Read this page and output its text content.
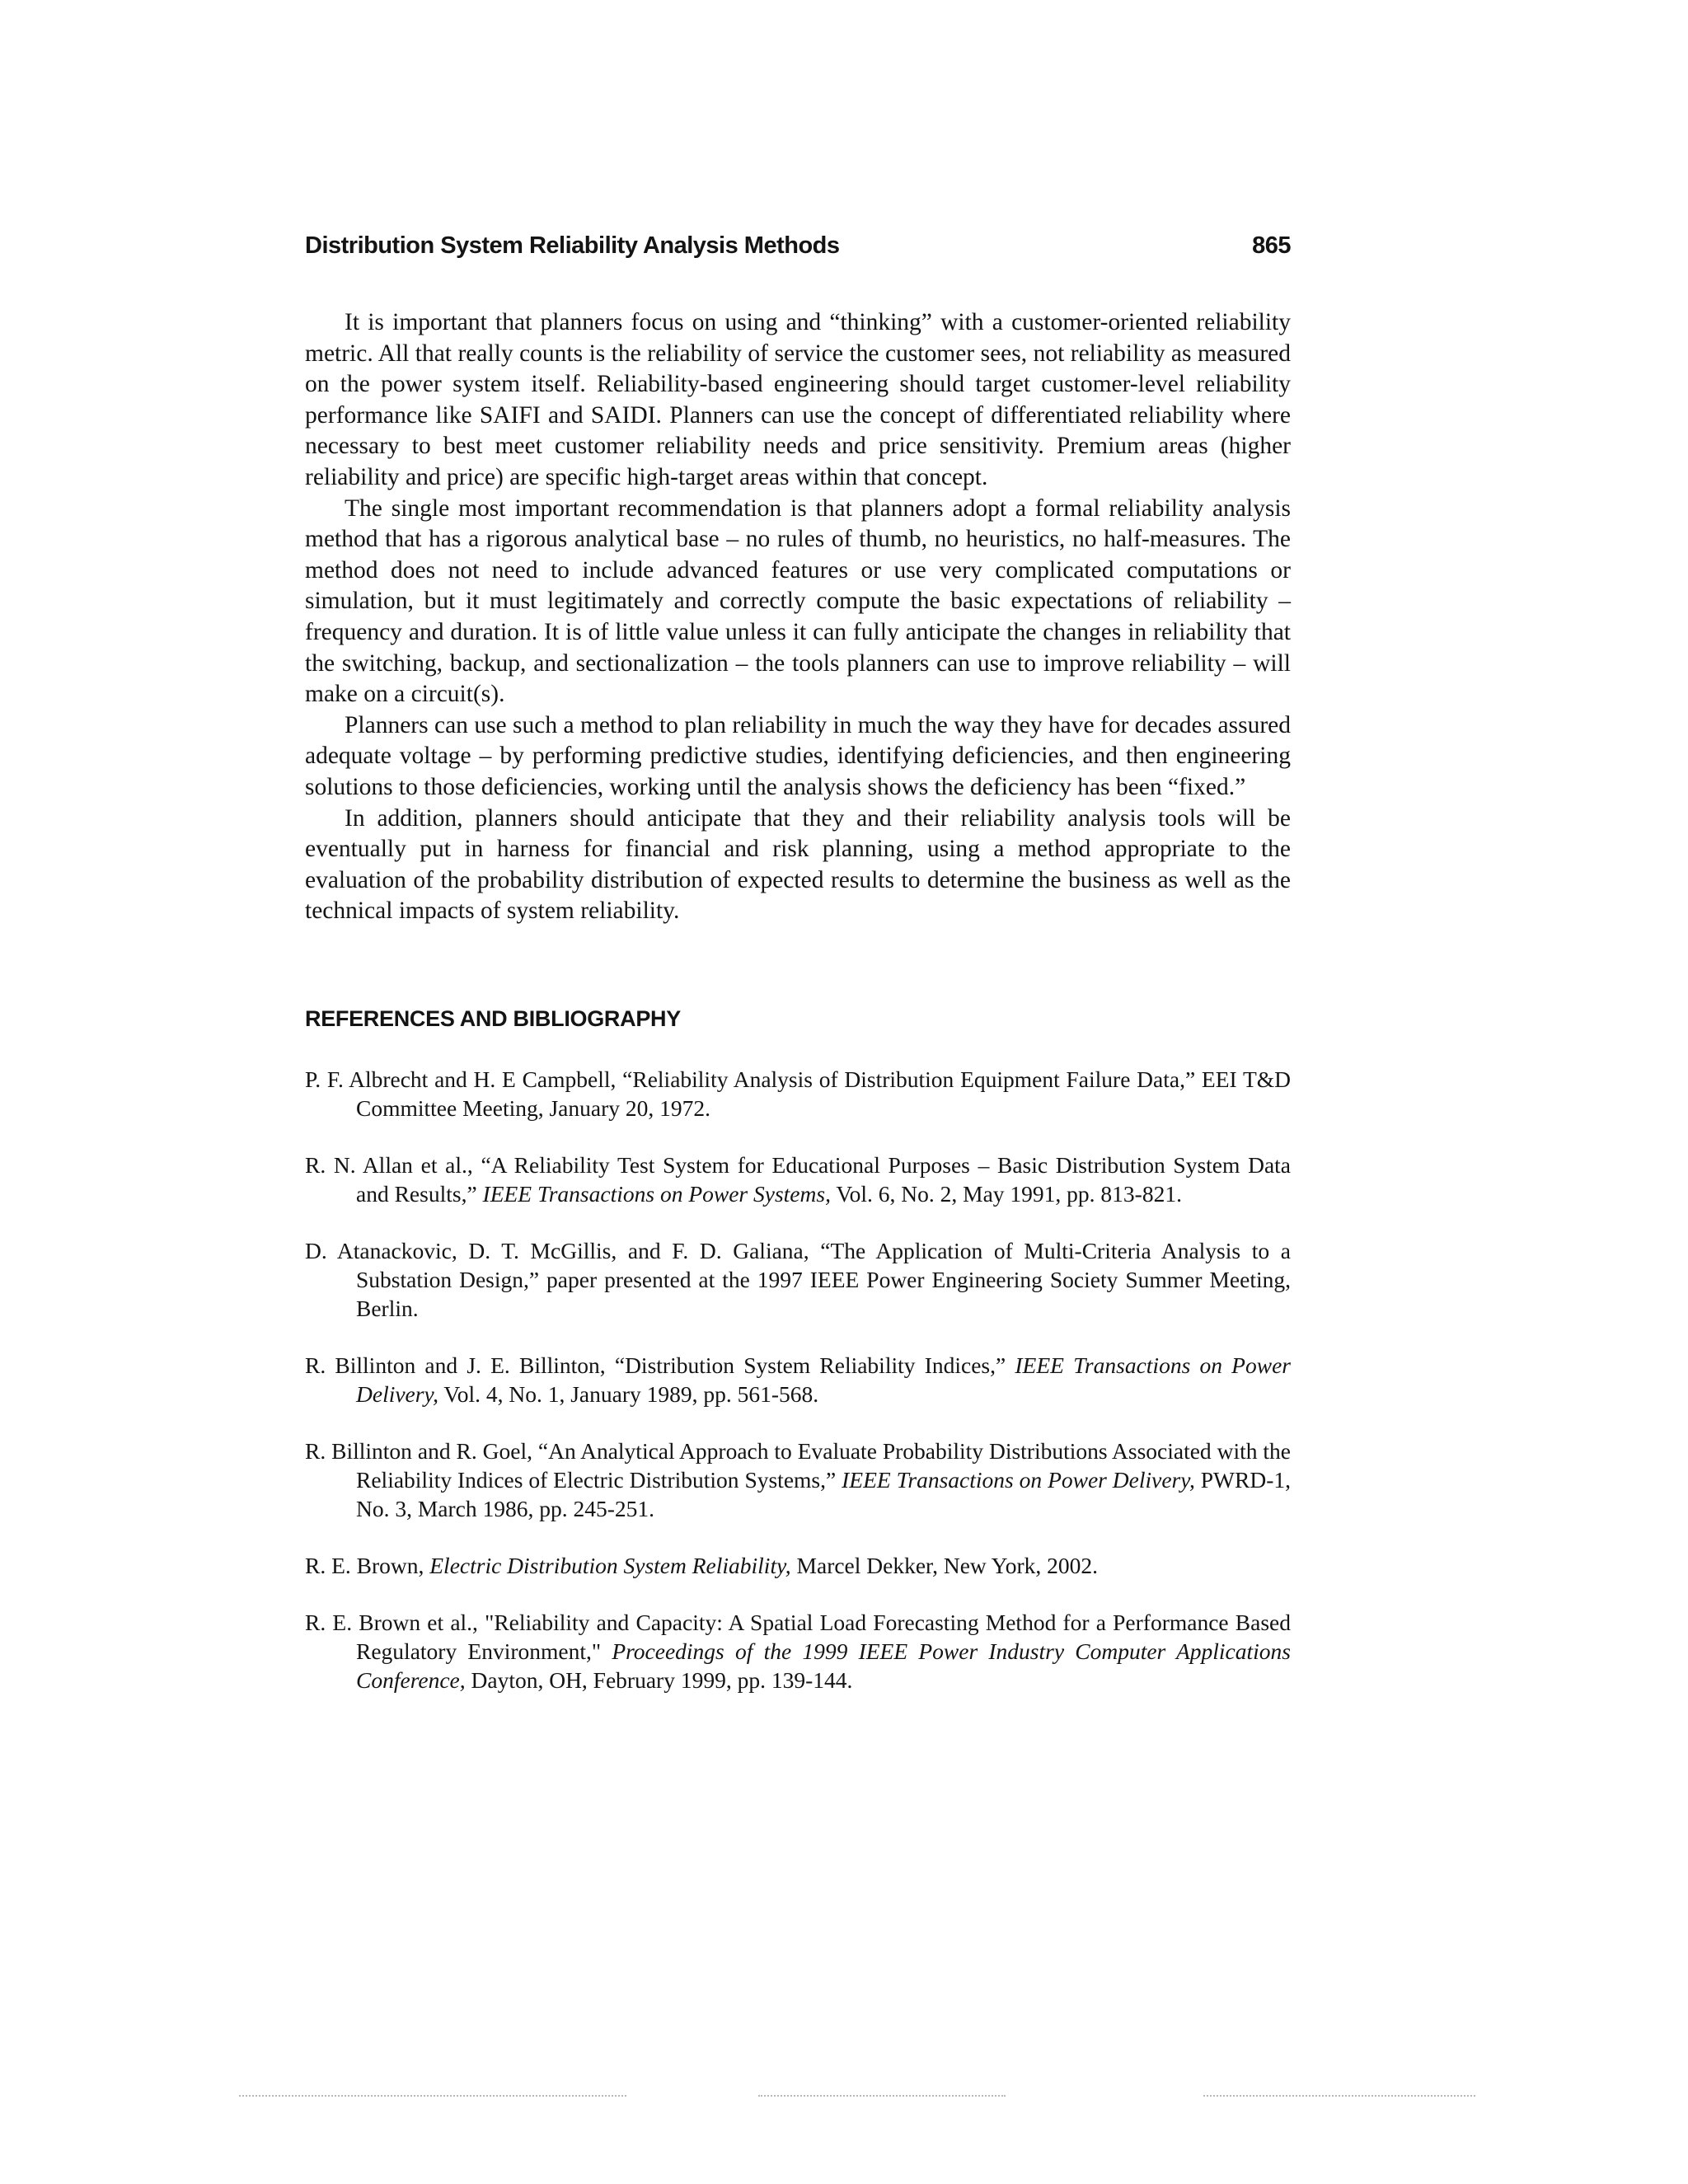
Distribution System Reliability Analysis Methods	865

It is important that planners focus on using and “thinking” with a customer-oriented reliability metric. All that really counts is the reliability of service the customer sees, not reliability as measured on the power system itself. Reliability-based engineering should target customer-level reliability performance like SAIFI and SAIDI. Planners can use the concept of differentiated reliability where necessary to best meet customer reliability needs and price sensitivity. Premium areas (higher reliability and price) are specific high-target areas within that concept.

The single most important recommendation is that planners adopt a formal reliability analysis method that has a rigorous analytical base – no rules of thumb, no heuristics, no half-measures. The method does not need to include advanced features or use very complicated computations or simulation, but it must legitimately and correctly compute the basic expectations of reliability – frequency and duration. It is of little value unless it can fully anticipate the changes in reliability that the switching, backup, and sectionalization – the tools planners can use to improve reliability – will make on a circuit(s).

Planners can use such a method to plan reliability in much the way they have for decades assured adequate voltage – by performing predictive studies, identifying deficiencies, and then engineering solutions to those deficiencies, working until the analysis shows the deficiency has been “fixed.”

In addition, planners should anticipate that they and their reliability analysis tools will be eventually put in harness for financial and risk planning, using a method appropriate to the evaluation of the probability distribution of expected results to determine the business as well as the technical impacts of system reliability.

REFERENCES AND BIBLIOGRAPHY

P. F. Albrecht and H. E Campbell, “Reliability Analysis of Distribution Equipment Failure Data,” EEI T&D Committee Meeting, January 20, 1972.

R. N. Allan et al., “A Reliability Test System for Educational Purposes – Basic Distribution System Data and Results,” IEEE Transactions on Power Systems, Vol. 6, No. 2, May 1991, pp. 813-821.

D. Atanackovic, D. T. McGillis, and F. D. Galiana, “The Application of Multi-Criteria Analysis to a Substation Design,” paper presented at the 1997 IEEE Power Engineering Society Summer Meeting, Berlin.

R. Billinton and J. E. Billinton, “Distribution System Reliability Indices,” IEEE Transactions on Power Delivery, Vol. 4, No. 1, January 1989, pp. 561-568.

R. Billinton and R. Goel, “An Analytical Approach to Evaluate Probability Distributions Associated with the Reliability Indices of Electric Distribution Systems,” IEEE Transactions on Power Delivery, PWRD-1, No. 3, March 1986, pp. 245-251.

R. E. Brown, Electric Distribution System Reliability, Marcel Dekker, New York, 2002.

R. E. Brown et al., "Reliability and Capacity: A Spatial Load Forecasting Method for a Performance Based Regulatory Environment," Proceedings of the 1999 IEEE Power Industry Computer Applications Conference, Dayton, OH, February 1999, pp. 139-144.
